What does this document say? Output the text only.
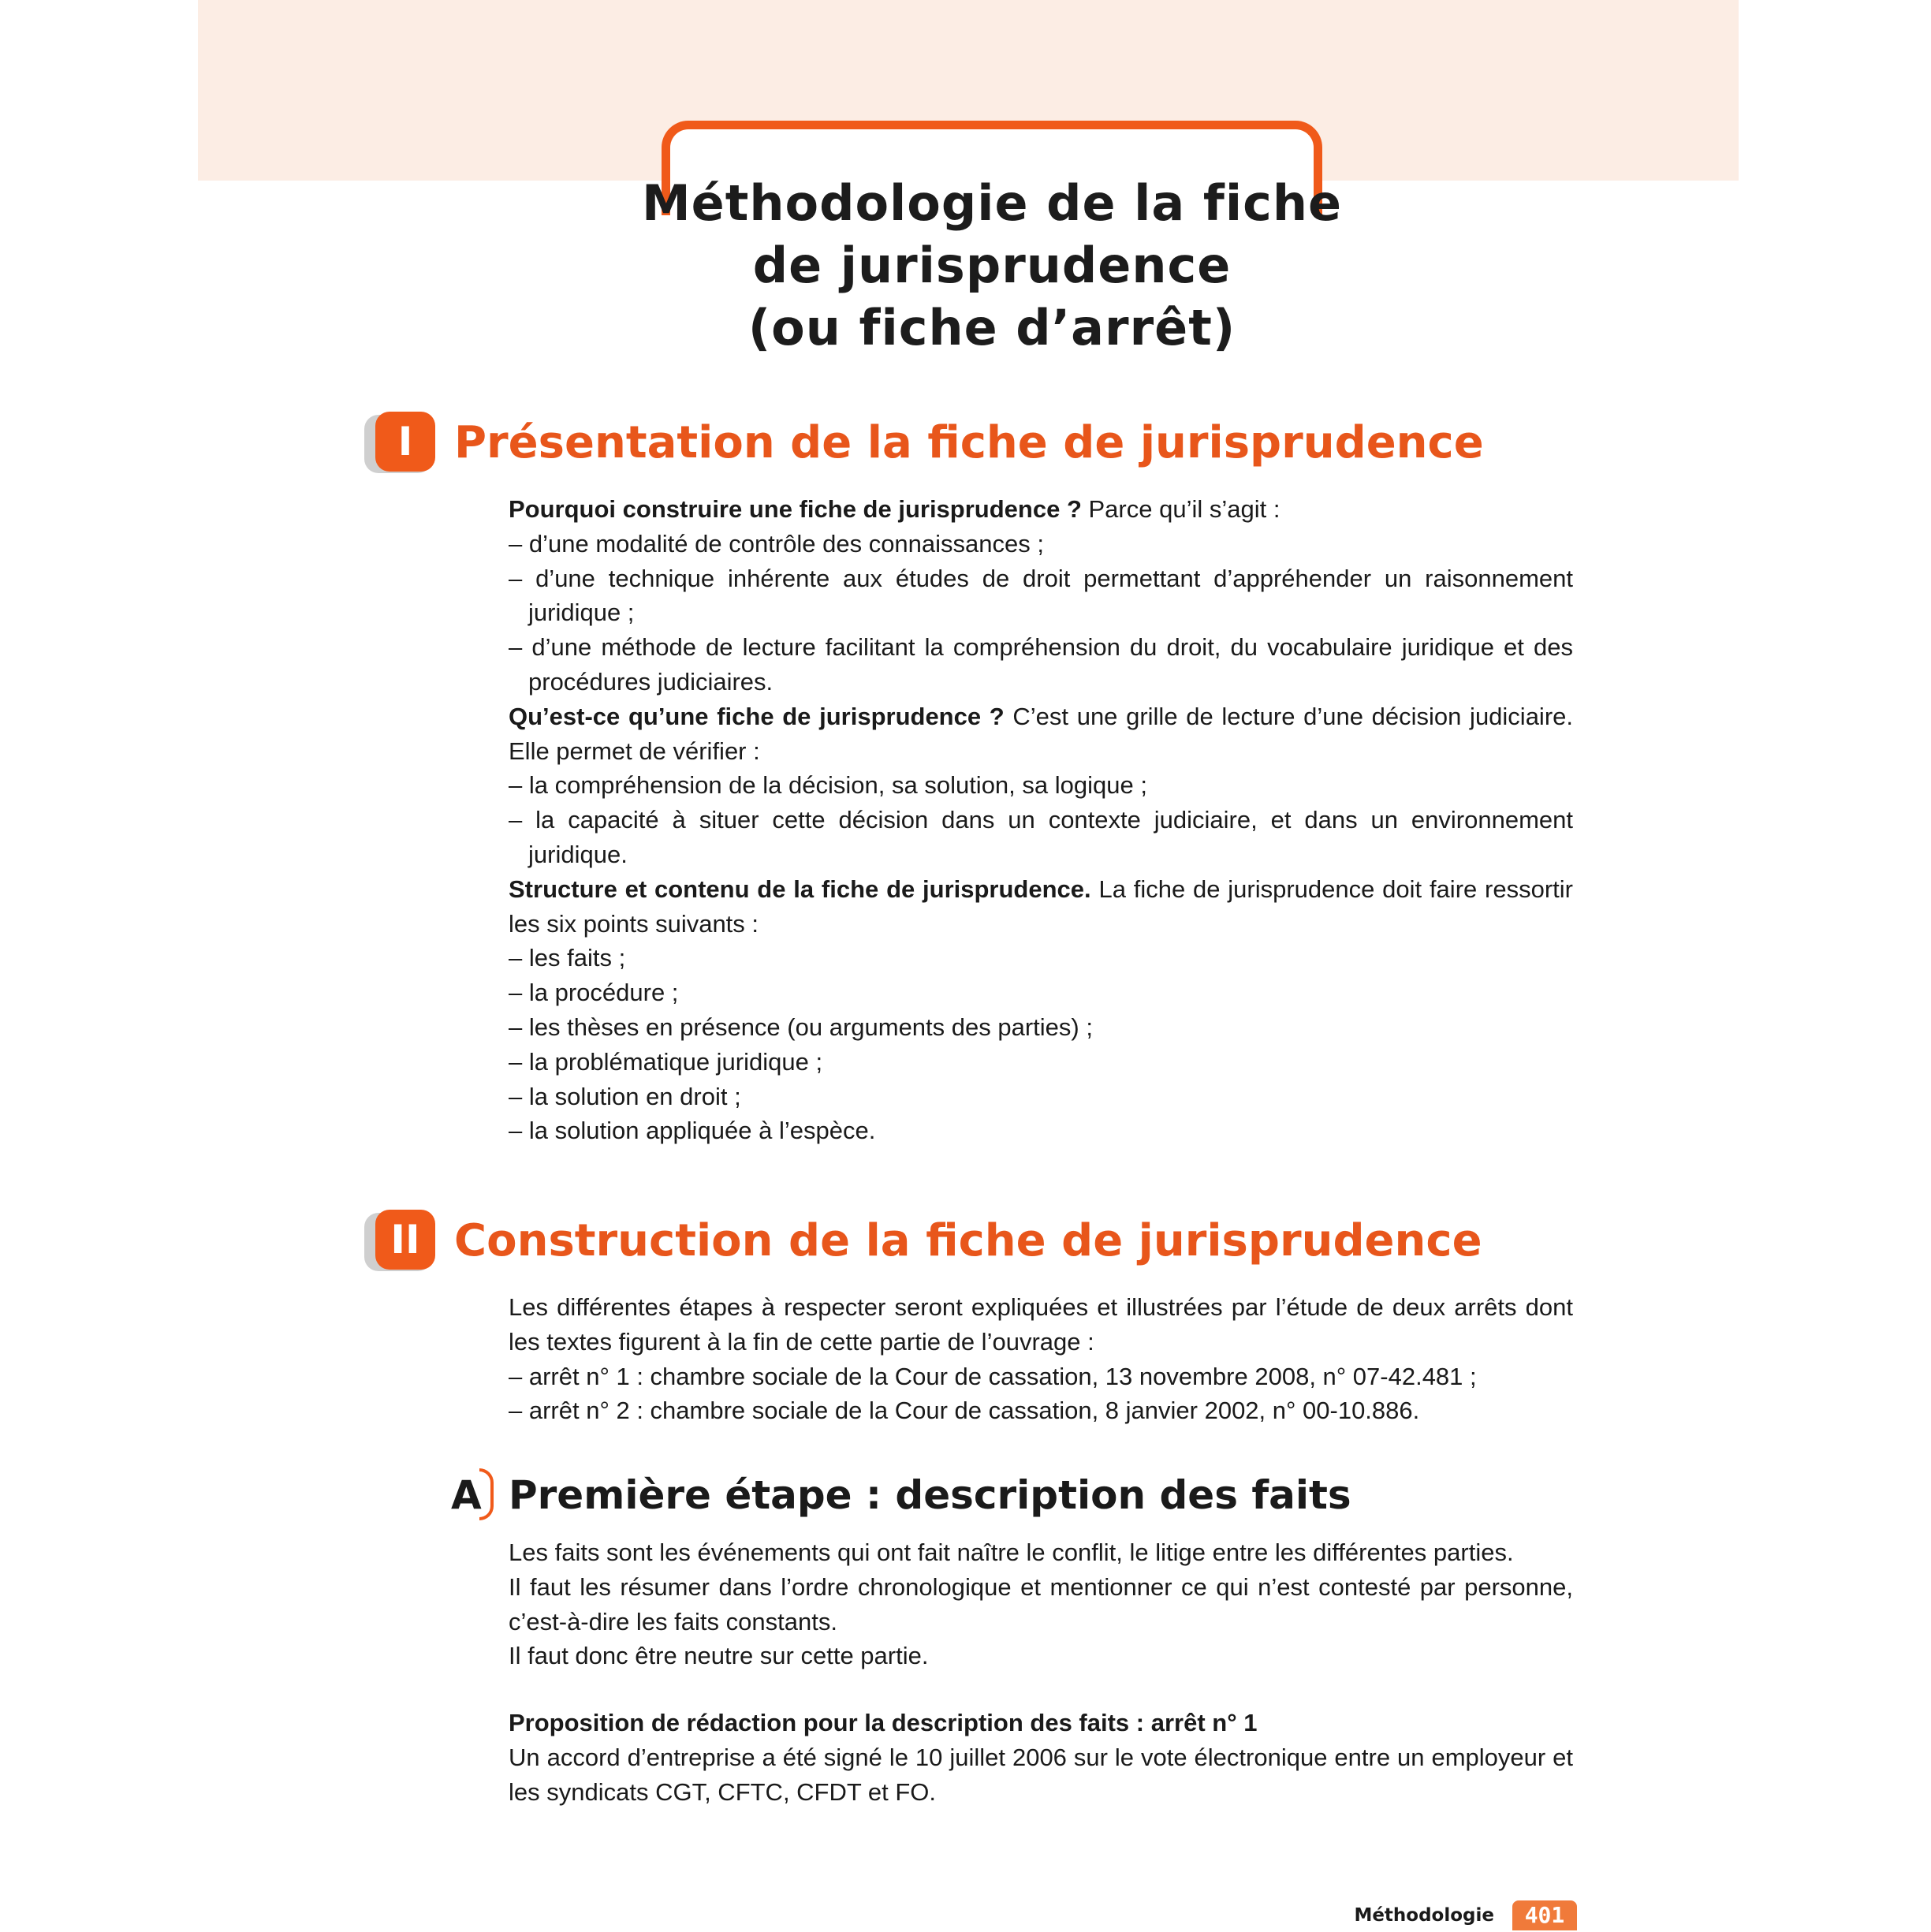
Méthodologie de la fiche
de jurisprudence
(ou fiche d’arrêt)
I Présentation de la fiche de jurisprudence

Pourquoi construire une fiche de jurisprudence ? Parce qu’il s’agit :

– d’une modalité de contrôle des connaissances ;

– d’une technique inhérente aux études de droit permettant d’appréhender un raisonnement juridique ;

– d’une méthode de lecture facilitant la compréhension du droit, du vocabulaire juridique et des procédures judiciaires.

Qu’est-ce qu’une fiche de jurisprudence ? C’est une grille de lecture d’une décision judiciaire. Elle permet de vérifier :

– la compréhension de la décision, sa solution, sa logique ;

– la capacité à situer cette décision dans un contexte judiciaire, et dans un environnement juridique.

Structure et contenu de la fiche de jurisprudence. La fiche de jurisprudence doit faire ressortir les six points suivants :

– les faits ;

– la procédure ;

– les thèses en présence (ou arguments des parties) ;

– la problématique juridique ;

– la solution en droit ;

– la solution appliquée à l’espèce.

II Construction de la fiche de jurisprudence

Les différentes étapes à respecter seront expliquées et illustrées par l’étude de deux arrêts dont les textes figurent à la fin de cette partie de l’ouvrage :

– arrêt n° 1 : chambre sociale de la Cour de cassation, 13 novembre 2008, n° 07-42.481 ;

– arrêt n° 2 : chambre sociale de la Cour de cassation, 8 janvier 2002, n° 00-10.886.

A Première étape : description des faits

Les faits sont les événements qui ont fait naître le conflit, le litige entre les différentes parties.

Il faut les résumer dans l’ordre chronologique et mentionner ce qui n’est contesté par personne, c’est-à-dire les faits constants.

Il faut donc être neutre sur cette partie.

Proposition de rédaction pour la description des faits : arrêt n° 1

Un accord d’entreprise a été signé le 10 juillet 2006 sur le vote électronique entre un employeur et les syndicats CGT, CFTC, CFDT et FO.

Méthodologie	401
